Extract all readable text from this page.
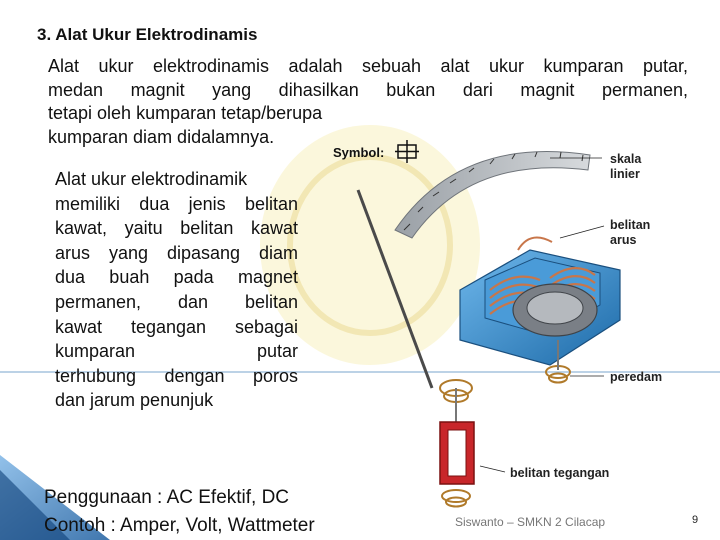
3. Alat Ukur Elektrodinamis
Alat ukur elektrodinamis adalah sebuah alat ukur kumparan putar,
medan magnit yang dihasilkan bukan dari magnit permanen,
tetapi oleh kumparan tetap/berupa
kumparan diam didalamnya.
Symbol:	skala
linier
belitan
arus
peredam
belitan tegangan
Alat ukur elektrodinamik
memiliki dua jenis belitan
kawat, yaitu belitan kawat
arus yang dipasang diam
dua buah pada magnet
permanen, dan belitan
kawat tegangan sebagai
kumparan putar
terhubung dengan poros
dan jarum penunjuk
Penggunaan : AC Efektif, DC
Contoh : Amper, Volt, Wattmeter	Siswanto – SMKN 2 Cilacap	9
